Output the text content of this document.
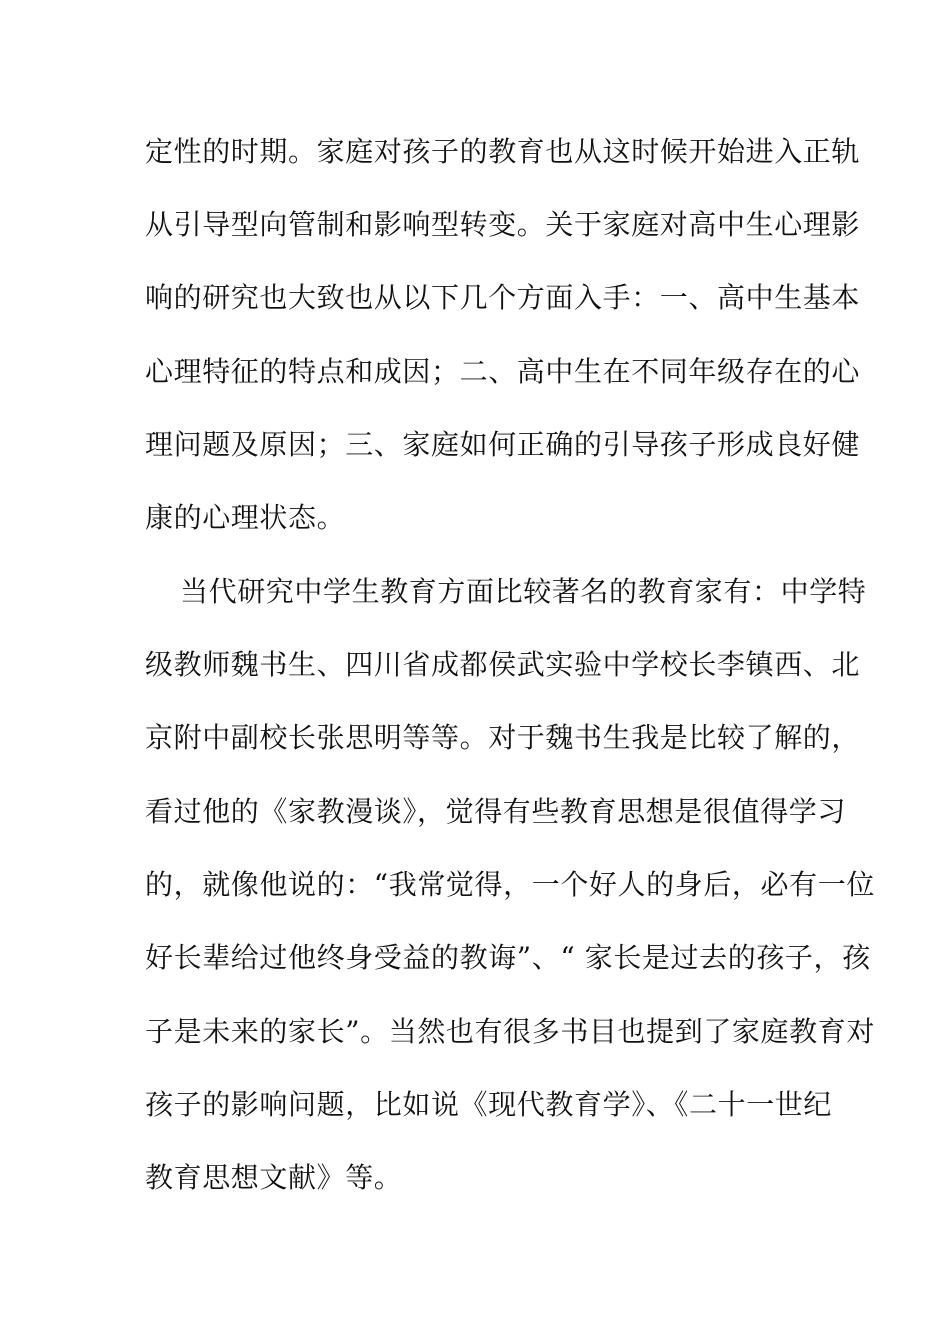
定性的时期。家庭对孩子的教育也从这时候开始进入正轨
从引导型向管制和影响型转变。关于家庭对高中生心理影
响的研究也大致也从以下几个方面入手：一、高中生基本
心理特征的特点和成因；二、高中生在不同年级存在的心
理问题及原因；三、家庭如何正确的引导孩子形成良好健
康的心理状态。
当代研究中学生教育方面比较著名的教育家有：中学特
级教师魏书生、四川省成都侯武实验中学校长李镇西、北
京附中副校长张思明等等。对于魏书生我是比较了解的，
看过他的《家教漫谈》，觉得有些教育思想是很值得学习
的，就像他说的：“我常觉得，一个好人的身后，必有一位
好长辈给过他终身受益的教诲”、“ 家长是过去的孩子，孩
子是未来的家长”。当然也有很多书目也提到了家庭教育对
孩子的影响问题，比如说《现代教育学》、《二十一世纪
教育思想文献》等。
